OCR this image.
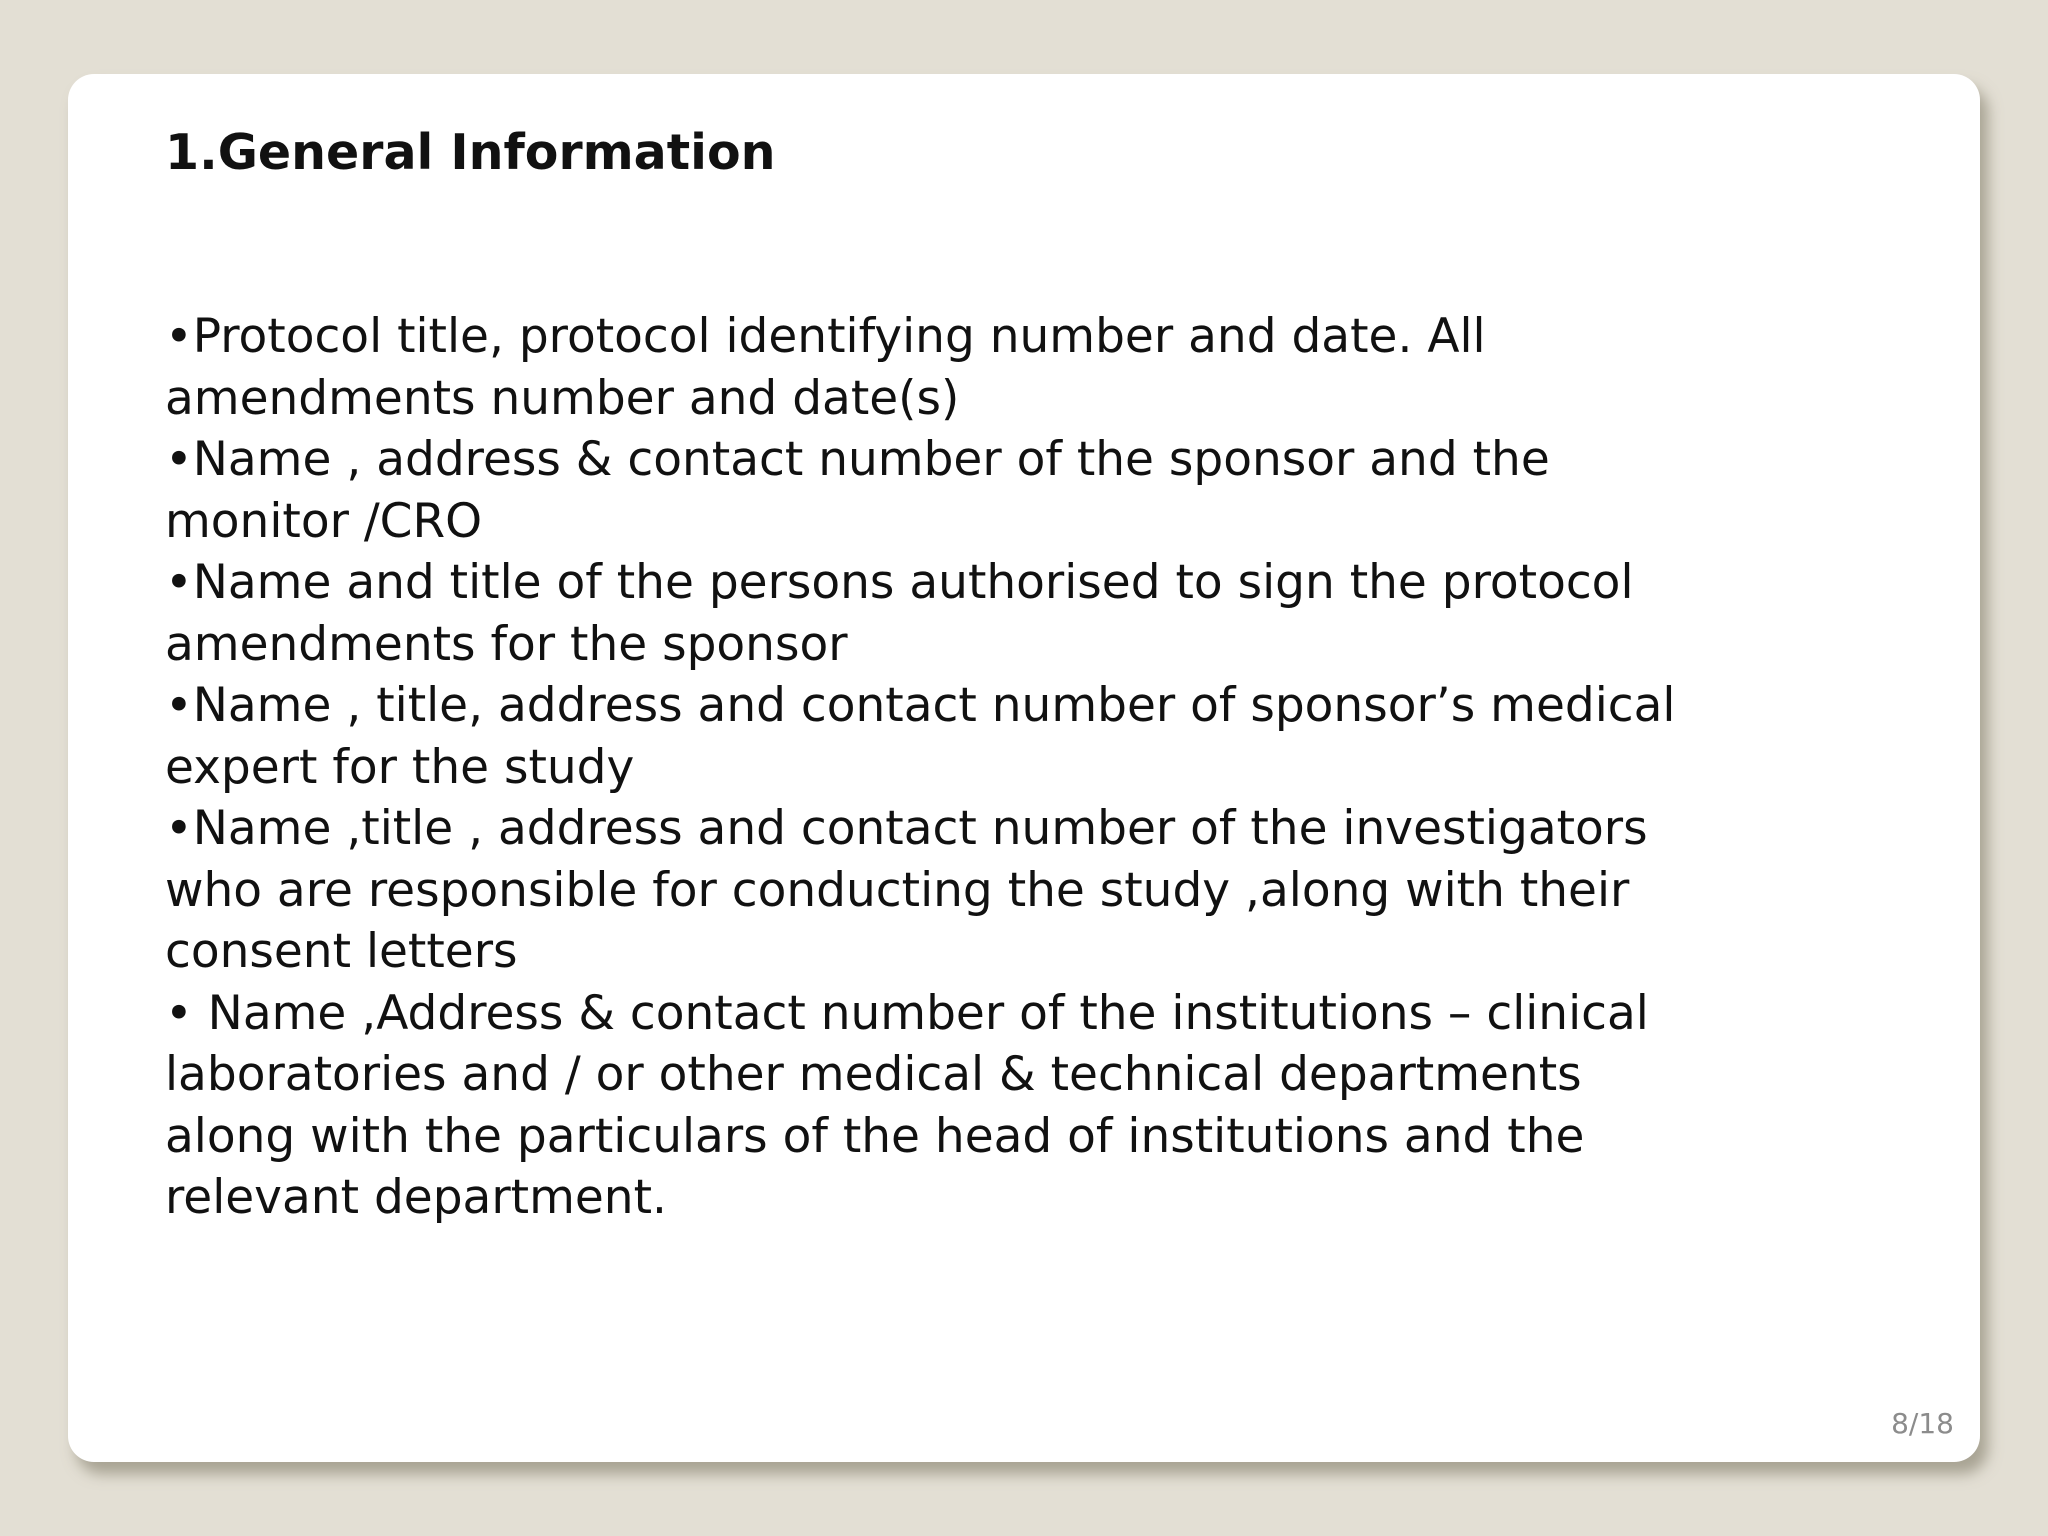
1.General Information
•Protocol title, protocol identifying number and date. All
amendments number and date(s)
•Name , address & contact number of the sponsor and the
monitor /CRO
•Name and title of the persons authorised to sign the protocol
amendments for the sponsor
•Name , title, address and contact number of sponsor’s medical
expert for the study
•Name ,title , address and contact number of the investigators
who are responsible for conducting the study ,along with their
consent letters
• Name ,Address & contact number of the institutions – clinical
laboratories and / or other medical & technical departments
along with the particulars of the head of institutions and the
relevant department.
8/18
